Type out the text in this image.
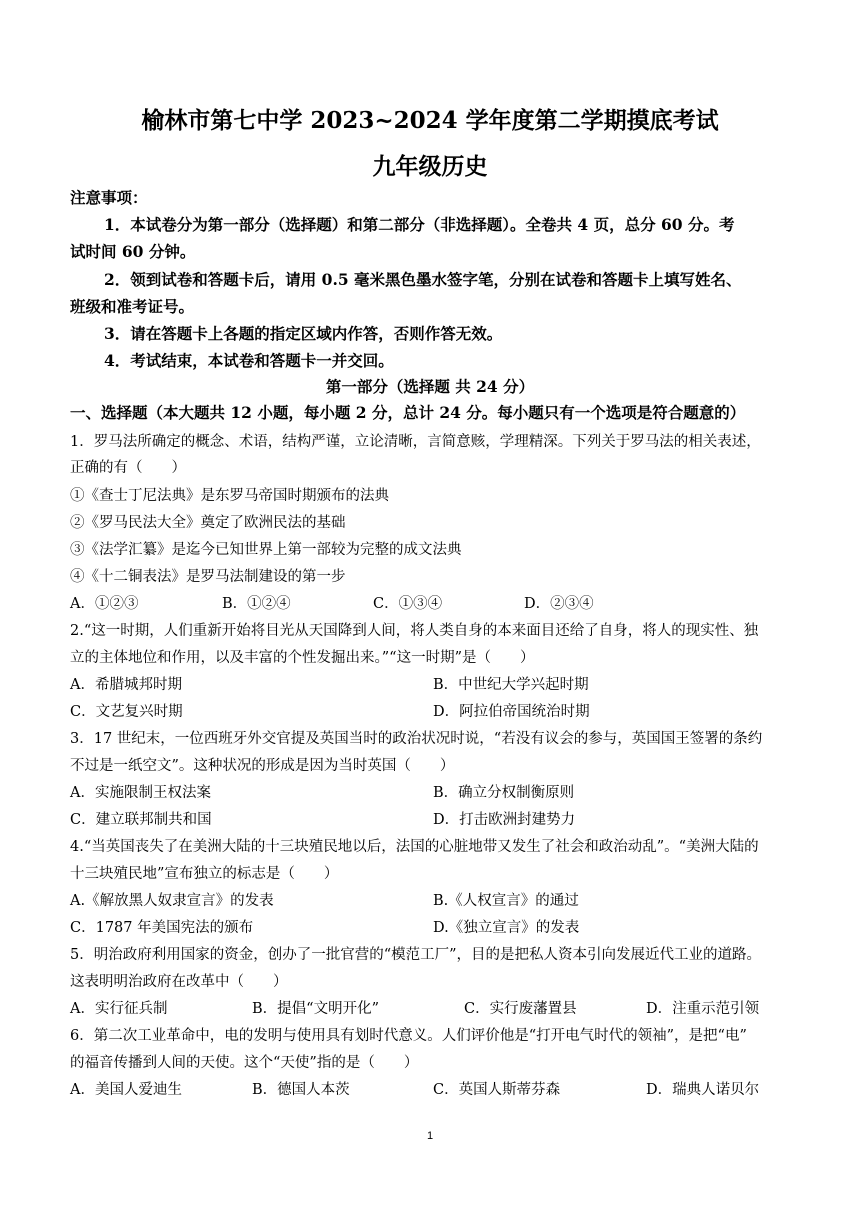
榆林市第七中学 2023~2024 学年度第二学期摸底考试
九年级历史
注意事项：
1．本试卷分为第一部分（选择题）和第二部分（非选择题）。全卷共 4 页，总分 60 分。考
试时间 60 分钟。
2．领到试卷和答题卡后，请用 0.5 毫米黑色墨水签字笔，分别在试卷和答题卡上填写姓名、
班级和准考证号。
3．请在答题卡上各题的指定区域内作答，否则作答无效。
4．考试结束，本试卷和答题卡一并交回。
第一部分（选择题 共 24 分）
一、选择题（本大题共 12 小题，每小题 2 分，总计 24 分。每小题只有一个选项是符合题意的）
1．罗马法所确定的概念、术语，结构严谨，立论清晰，言简意赅，学理精深。下列关于罗马法的相关表述，
正确的有（　　）
①《查士丁尼法典》是东罗马帝国时期颁布的法典
②《罗马民法大全》奠定了欧洲民法的基础
③《法学汇纂》是迄今已知世界上第一部较为完整的成文法典
④《十二铜表法》是罗马法制建设的第一步
A．①②③	B．①②④	C．①③④	D．②③④
2.“这一时期，人们重新开始将目光从天国降到人间，将人类自身的本来面目还给了自身，将人的现实性、独
立的主体地位和作用，以及丰富的个性发掘出来。”“这一时期”是（　　）
A．希腊城邦时期	B．中世纪大学兴起时期
C．文艺复兴时期	D．阿拉伯帝国统治时期
3．17 世纪末，一位西班牙外交官提及英国当时的政治状况时说，“若没有议会的参与，英国国王签署的条约
不过是一纸空文”。这种状况的形成是因为当时英国（　　）
A．实施限制王权法案	B．确立分权制衡原则
C．建立联邦制共和国	D．打击欧洲封建势力
4.“当英国丧失了在美洲大陆的十三块殖民地以后，法国的心脏地带又发生了社会和政治动乱”。“美洲大陆的
十三块殖民地”宣布独立的标志是（　　）
A.《解放黑人奴隶宣言》的发表	B.《人权宣言》的通过
C．1787 年美国宪法的颁布	D.《独立宣言》的发表
5．明治政府利用国家的资金，创办了一批官营的“模范工厂”，目的是把私人资本引向发展近代工业的道路。
这表明明治政府在改革中（　　）
A．实行征兵制	B．提倡“文明开化”	C．实行废藩置县	D．注重示范引领
6．第二次工业革命中，电的发明与使用具有划时代意义。人们评价他是“打开电气时代的领袖”，是把“电”
的福音传播到人间的天使。这个“天使”指的是（　　）
A．美国人爱迪生	B．德国人本茨	C．英国人斯蒂芬森	D．瑞典人诺贝尔
1
